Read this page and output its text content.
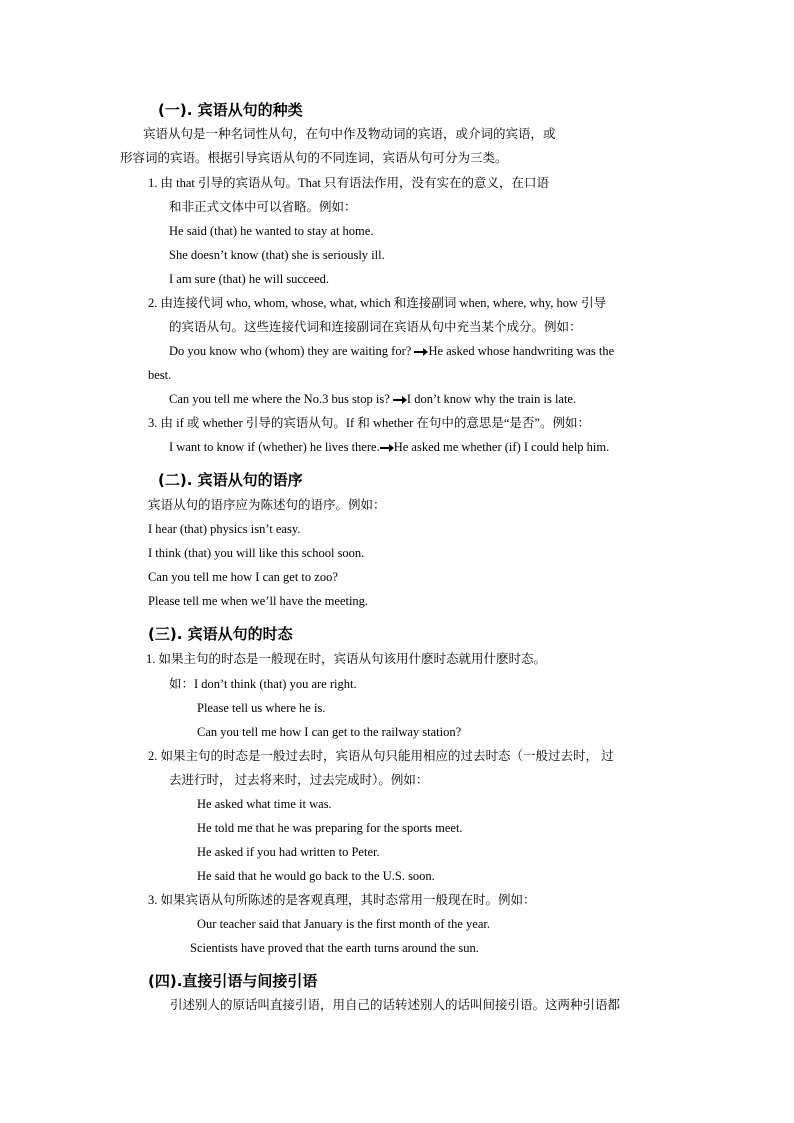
(一). 宾语从句的种类
宾语从句是一种名词性从句，在句中作及物动词的宾语，或介词的宾语，或
形容词的宾语。根据引导宾语从句的不同连词，宾语从句可分为三类。
1. 由 that 引导的宾语从句。That 只有语法作用，没有实在的意义，在口语
和非正式文体中可以省略。例如：
He said (that) he wanted to stay at home.
She doesn’t know (that) she is seriously ill.
I am sure (that) he will succeed.
2. 由连接代词 who, whom, whose, what, which 和连接副词 when, where, why, how 引导
的宾语从句。这些连接代词和连接副词在宾语从句中充当某个成分。例如：
Do you know who (whom) they are waiting for? He asked whose handwriting was the
best.
Can you tell me where the No.3 bus stop is? I don’t know why the train is late.
3. 由 if 或 whether 引导的宾语从句。If 和 whether 在句中的意思是“是否”。例如：
I want to know if (whether) he lives there. He asked me whether (if) I could help him.
(二). 宾语从句的语序
宾语从句的语序应为陈述句的语序。例如：
I hear (that) physics isn’t easy.
I think (that) you will like this school soon.
Can you tell me how I can get to zoo?
Please tell me when we’ll have the meeting.
(三). 宾语从句的时态
1. 如果主句的时态是一般现在时，宾语从句该用什麽时态就用什麽时态。
如：I don’t think (that) you are right.
Please tell us where he is.
Can you tell me how I can get to the railway station?
2. 如果主句的时态是一般过去时，宾语从句只能用相应的过去时态（一般过去时， 过
去进行时， 过去将来时，过去完成时）。例如：
He asked what time it was.
He told me that he was preparing for the sports meet.
He asked if you had written to Peter.
He said that he would go back to the U.S. soon.
3. 如果宾语从句所陈述的是客观真理，其时态常用一般现在时。例如：
Our teacher said that January is the first month of the year.
Scientists have proved that the earth turns around the sun.
(四).直接引语与间接引语
引述别人的原话叫直接引语，用自己的话转述别人的话叫间接引语。这两种引语都
